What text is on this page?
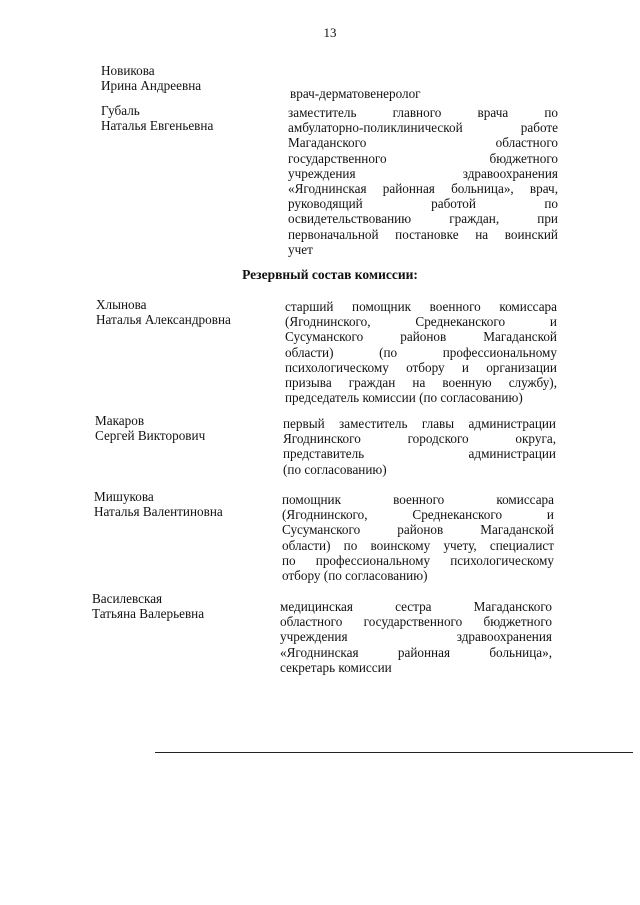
13
Новикова
Ирина Андреевна
врач-дерматовенеролог
Губаль
Наталья Евгеньевна
заместитель главного врача по
амбулаторно-поликлинической работе
Магаданского областного
государственного бюджетного
учреждения здравоохранения
«Ягоднинская районная больница», врач,
руководящий работой по
освидетельствованию граждан, при
первоначальной постановке на воинский
учет
Резервный состав комиссии:
Хлынова
Наталья Александровна
старший помощник военного комиссара
(Ягоднинского, Среднеканского и
Сусуманского районов Магаданской
области) (по профессиональному
психологическому отбору и организации
призыва граждан на военную службу),
председатель комиссии (по согласованию)
Макаров
Сергей Викторович
первый заместитель главы администрации
Ягоднинского городского округа,
представитель администрации
(по согласованию)
Мишукова
Наталья Валентиновна
помощник военного комиссара
(Ягоднинского, Среднеканского и
Сусуманского районов Магаданской
области) по воинскому учету, специалист
по профессиональному психологическому
отбору (по согласованию)
Василевская
Татьяна Валерьевна	медицинская сестра Магаданского
областного государственного бюджетного
учреждения здравоохранения
«Ягоднинская районная больница»,
секретарь комиссии
